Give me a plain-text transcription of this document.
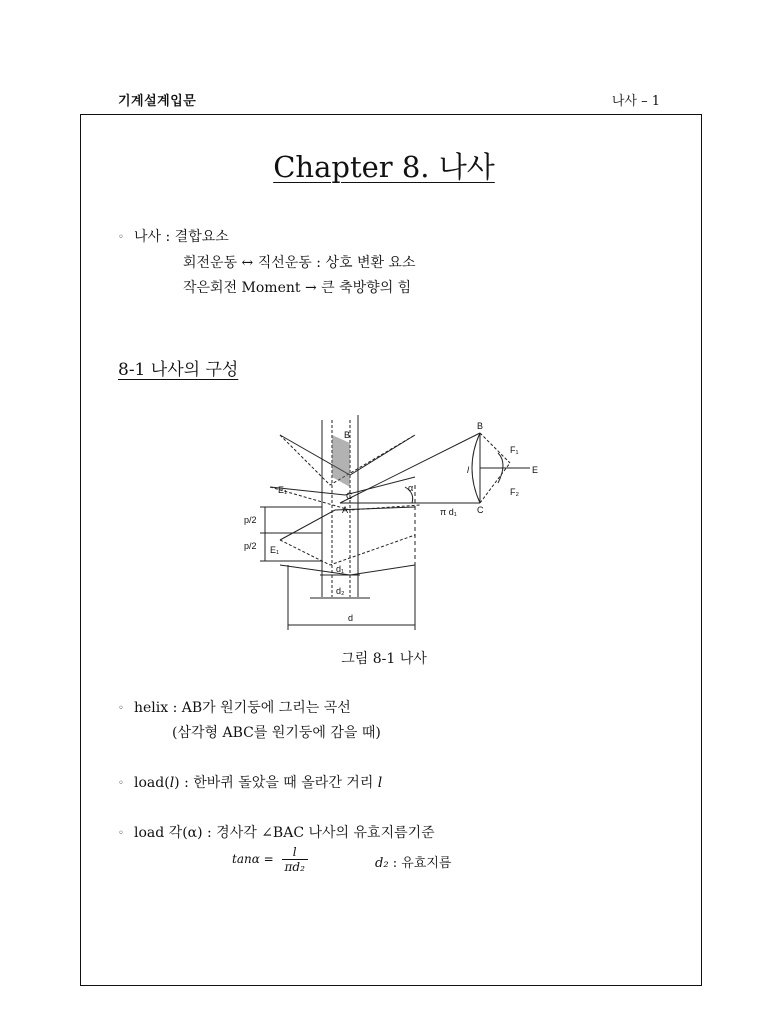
기계설계입문	나사 – 1
Chapter 8. 나사
◦ 나사 : 결합요소
회전운동 ↔ 직선운동 : 상호 변환 요소
작은회전 Moment → 큰 축방향의 힘
8-1 나사의 구성
B
C
A
E₁
E₁
α
π d₁
B
C
l
F₁
F₂
E
p/2
p/2
d₁
d₂
d
그림 8-1 나사
◦ helix : AB가 원기둥에 그리는 곡선
(삼각형 ABC를 원기둥에 감을 때)
◦ load(l) : 한바퀴 돌았을 때 올라간 거리 l
◦ load 각(α) : 경사각 ∠BAC 나사의 유효지름기준
$\tan\alpha = \frac{l}{\text{πd₂}}$	d₂ : 유효지름
